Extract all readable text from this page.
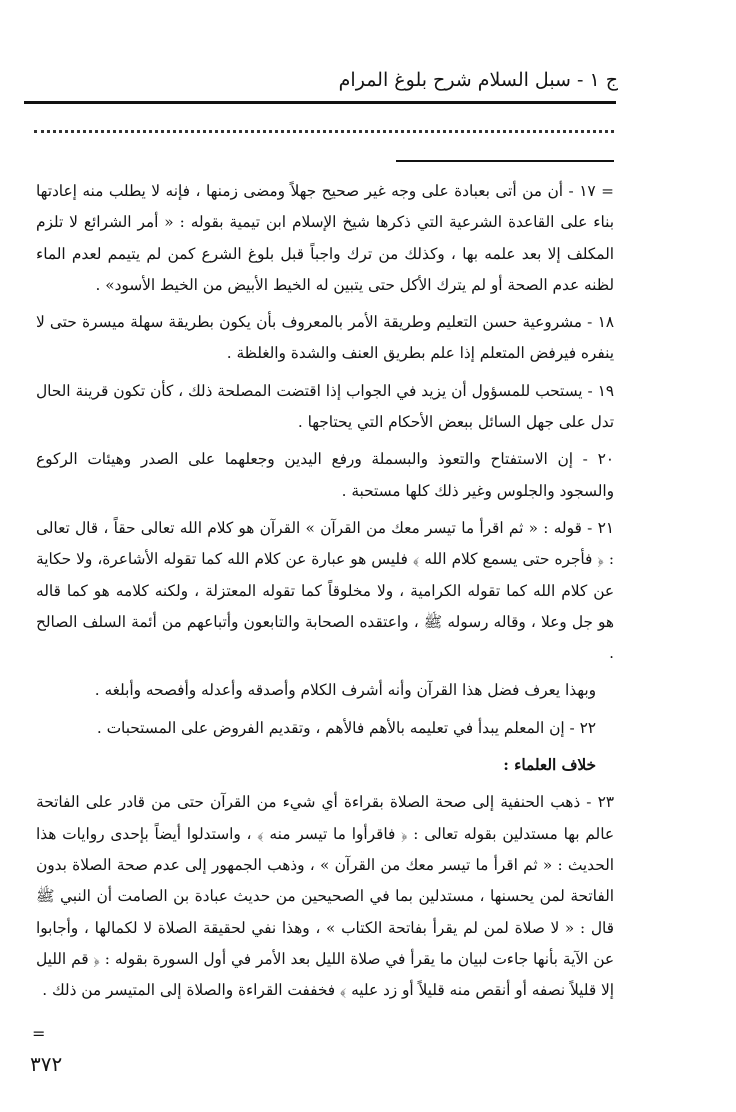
ج ١ - سبل السلام شرح بلوغ المرام

= ١٧ - أن من أتى بعبادة على وجه غير صحيح جهلاً ومضى زمنها ، فإنه لا يطلب منه إعادتها بناء على القاعدة الشرعية التي ذكرها شيخ الإسلام ابن تيمية بقوله : « أمر الشرائع لا تلزم المكلف إلا بعد علمه بها ، وكذلك من ترك واجباً قبل بلوغ الشرع كمن لم يتيمم لعدم الماء لظنه عدم الصحة أو لم يترك الأكل حتى يتبين له الخيط الأبيض من الخيط الأسود» .

١٨ - مشروعية حسن التعليم وطريقة الأمر بالمعروف بأن يكون بطريقة سهلة ميسرة حتى لا ينفره فيرفض المتعلم إذا علم بطريق العنف والشدة والغلظة .

١٩ - يستحب للمسؤول أن يزيد في الجواب إذا اقتضت المصلحة ذلك ، كأن تكون قرينة الحال تدل على جهل السائل ببعض الأحكام التي يحتاجها .

٢٠ - إن الاستفتاح والتعوذ والبسملة ورفع اليدين وجعلهما على الصدر وهيئات الركوع والسجود والجلوس وغير ذلك كلها مستحبة .

٢١ - قوله : « ثم اقرأ ما تيسر معك من القرآن » القرآن هو كلام الله تعالى حقاً ، قال تعالى : ﴿ فأجره حتى يسمع كلام الله ﴾ فليس هو عبارة عن كلام الله كما تقوله الأشاعرة، ولا حكاية عن كلام الله كما تقوله الكرامية ، ولا مخلوقاً كما تقوله المعتزلة ، ولكنه كلامه هو كما قاله هو جل وعلا ، وقاله رسوله ﷺ ، واعتقده الصحابة والتابعون وأتباعهم من أئمة السلف الصالح .

وبهذا يعرف فضل هذا القرآن وأنه أشرف الكلام وأصدقه وأعدله وأفصحه وأبلغه .

٢٢ - إن المعلم يبدأ في تعليمه بالأهم فالأهم ، وتقديم الفروض على المستحبات .

خلاف العلماء :

٢٣ - ذهب الحنفية إلى صحة الصلاة بقراءة أي شيء من القرآن حتى من قادر على الفاتحة عالم بها مستدلين بقوله تعالى : ﴿ فاقرأوا ما تيسر منه ﴾ ، واستدلوا أيضاً بإحدى روايات هذا الحديث : « ثم اقرأ ما تيسر معك من القرآن » ، وذهب الجمهور إلى عدم صحة الصلاة بدون الفاتحة لمن يحسنها ، مستدلين بما في الصحيحين من حديث عبادة بن الصامت أن النبي ﷺ قال : « لا صلاة لمن لم يقرأ بفاتحة الكتاب » ، وهذا نفي لحقيقة الصلاة لا لكمالها ، وأجابوا عن الآية بأنها جاءت لبيان ما يقرأ في صلاة الليل بعد الأمر في أول السورة بقوله : ﴿ قم الليل إلا قليلاً نصفه أو أنقص منه قليلاً أو زد عليه ﴾ فخففت القراءة والصلاة إلى المتيسر من ذلك .

=
٣٧٢
